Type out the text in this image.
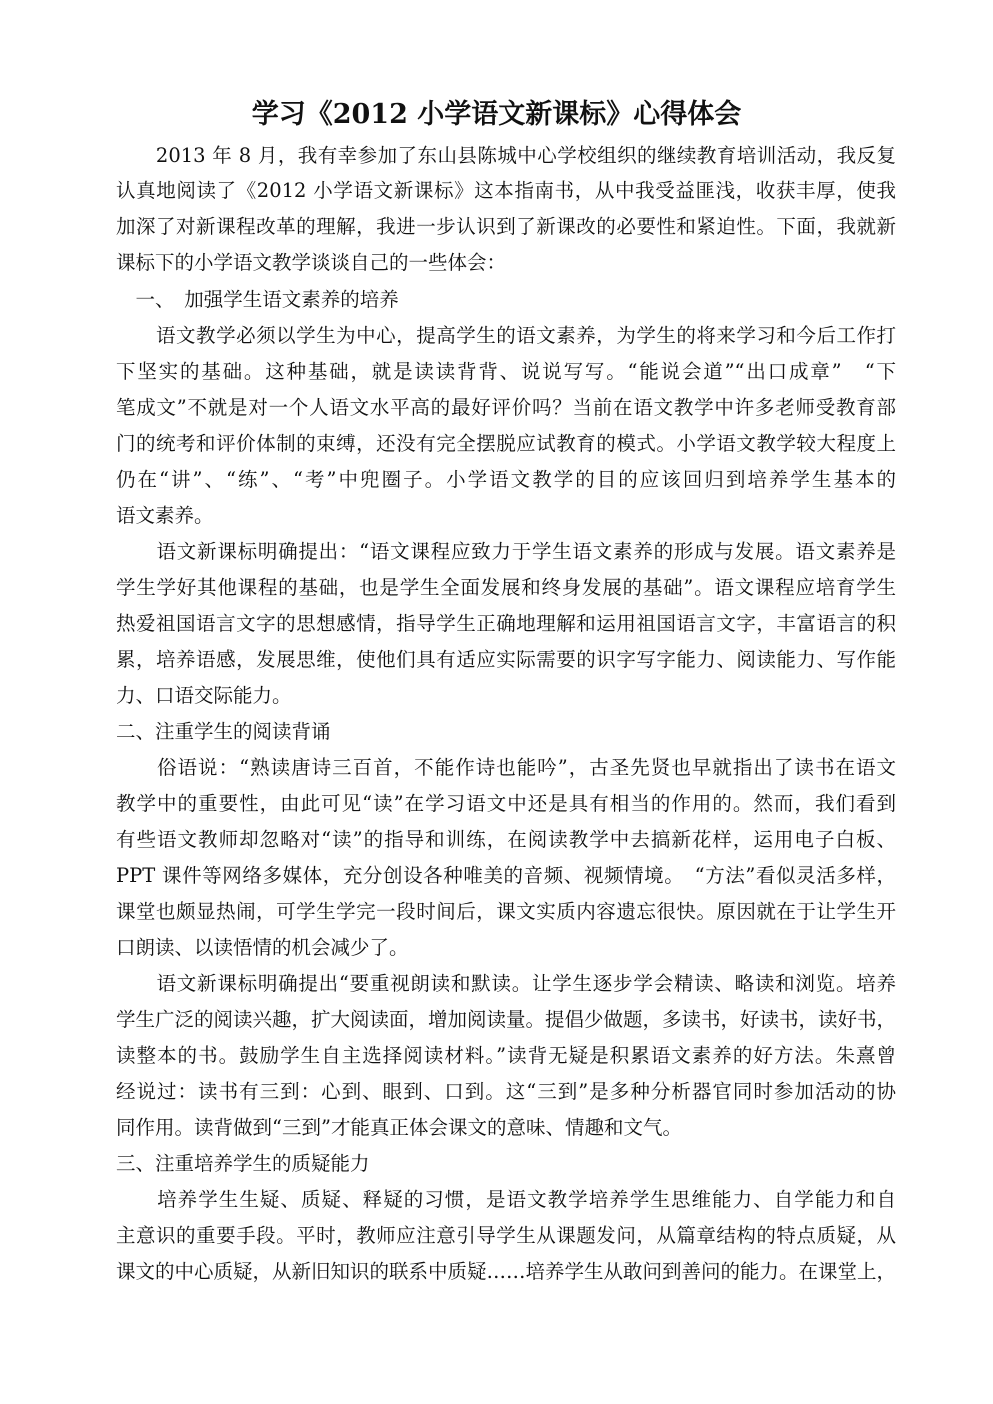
学习《2012 小学语文新课标》心得体会
　　2013 年 8 月，我有幸参加了东山县陈城中心学校组织的继续教育培训活动，我反复
认真地阅读了《2012 小学语文新课标》这本指南书，从中我受益匪浅，收获丰厚，使我
加深了对新课程改革的理解，我进一步认识到了新课改的必要性和紧迫性。下面，我就新
课标下的小学语文教学谈谈自己的一些体会：
　一、　加强学生语文素养的培养
　　语文教学必须以学生为中心，提高学生的语文素养，为学生的将来学习和今后工作打
下坚实的基础。这种基础，就是读读背背、说说写写。“能说会道”“出口成章”　“下
笔成文”不就是对一个人语文水平高的最好评价吗？当前在语文教学中许多老师受教育部
门的统考和评价体制的束缚，还没有完全摆脱应试教育的模式。小学语文教学较大程度上
仍在“讲”、“练”、“考”中兜圈子。小学语文教学的目的应该回归到培养学生基本的
语文素养。
　　语文新课标明确提出：“语文课程应致力于学生语文素养的形成与发展。语文素养是
学生学好其他课程的基础，也是学生全面发展和终身发展的基础”。语文课程应培育学生
热爱祖国语言文字的思想感情，指导学生正确地理解和运用祖国语言文字，丰富语言的积
累，培养语感，发展思维，使他们具有适应实际需要的识字写字能力、阅读能力、写作能
力、口语交际能力。
二、注重学生的阅读背诵
　　俗语说：“熟读唐诗三百首，不能作诗也能吟”，古圣先贤也早就指出了读书在语文
教学中的重要性，由此可见“读”在学习语文中还是具有相当的作用的。然而，我们看到
有些语文教师却忽略对“读”的指导和训练，在阅读教学中去搞新花样，运用电子白板、
PPT 课件等网络多媒体，充分创设各种唯美的音频、视频情境。　“方法”看似灵活多样，
课堂也颇显热闹，可学生学完一段时间后，课文实质内容遗忘很快。原因就在于让学生开
口朗读、以读悟情的机会减少了。
　　语文新课标明确提出“要重视朗读和默读。让学生逐步学会精读、略读和浏览。培养
学生广泛的阅读兴趣，扩大阅读面，增加阅读量。提倡少做题，多读书，好读书，读好书，
读整本的书。鼓励学生自主选择阅读材料。”读背无疑是积累语文素养的好方法。朱熹曾
经说过：读书有三到：心到、眼到、口到。这“三到”是多种分析器官同时参加活动的协
同作用。读背做到“三到”才能真正体会课文的意味、情趣和文气。
三、注重培养学生的质疑能力
　　培养学生生疑、质疑、释疑的习惯，是语文教学培养学生思维能力、自学能力和自
主意识的重要手段。平时，教师应注意引导学生从课题发问，从篇章结构的特点质疑，从
课文的中心质疑，从新旧知识的联系中质疑……培养学生从敢问到善问的能力。在课堂上，
